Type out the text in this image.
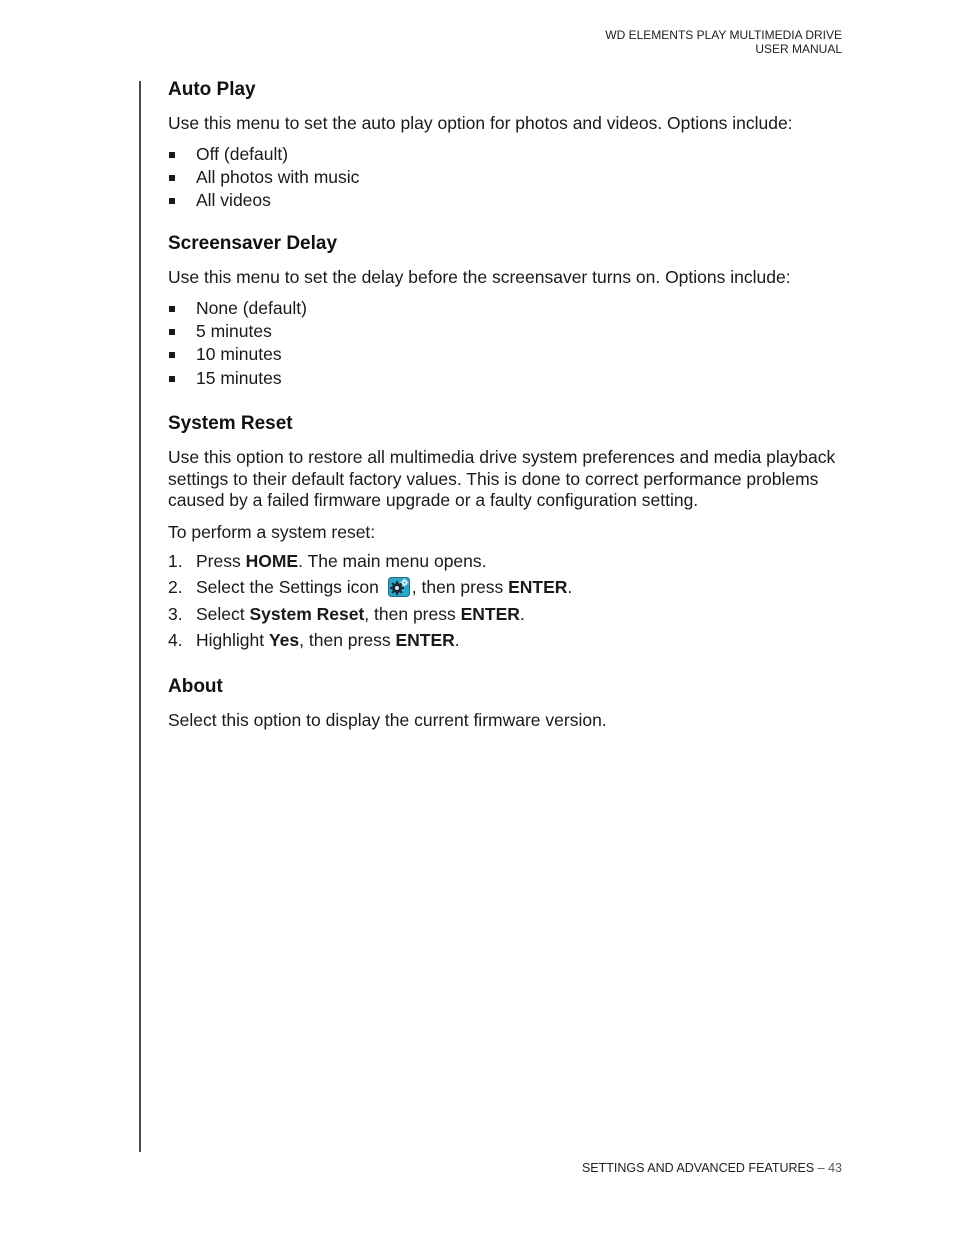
WD ELEMENTS PLAY MULTIMEDIA DRIVE
USER MANUAL
Auto Play

Use this menu to set the auto play option for photos and videos. Options include:

Off (default)
All photos with music
All videos
Screensaver Delay

Use this menu to set the delay before the screensaver turns on. Options include:

None (default)
5 minutes
10 minutes
15 minutes
System Reset

Use this option to restore all multimedia drive system preferences and media playback settings to their default factory values. This is done to correct performance problems caused by a failed firmware upgrade or a faulty configuration setting.

To perform a system reset:

1. Press HOME. The main menu opens.
2. Select the Settings icon , then press ENTER.
3. Select System Reset, then press ENTER.
4. Highlight Yes, then press ENTER.
About

Select this option to display the current firmware version.

SETTINGS AND ADVANCED FEATURES – 43
